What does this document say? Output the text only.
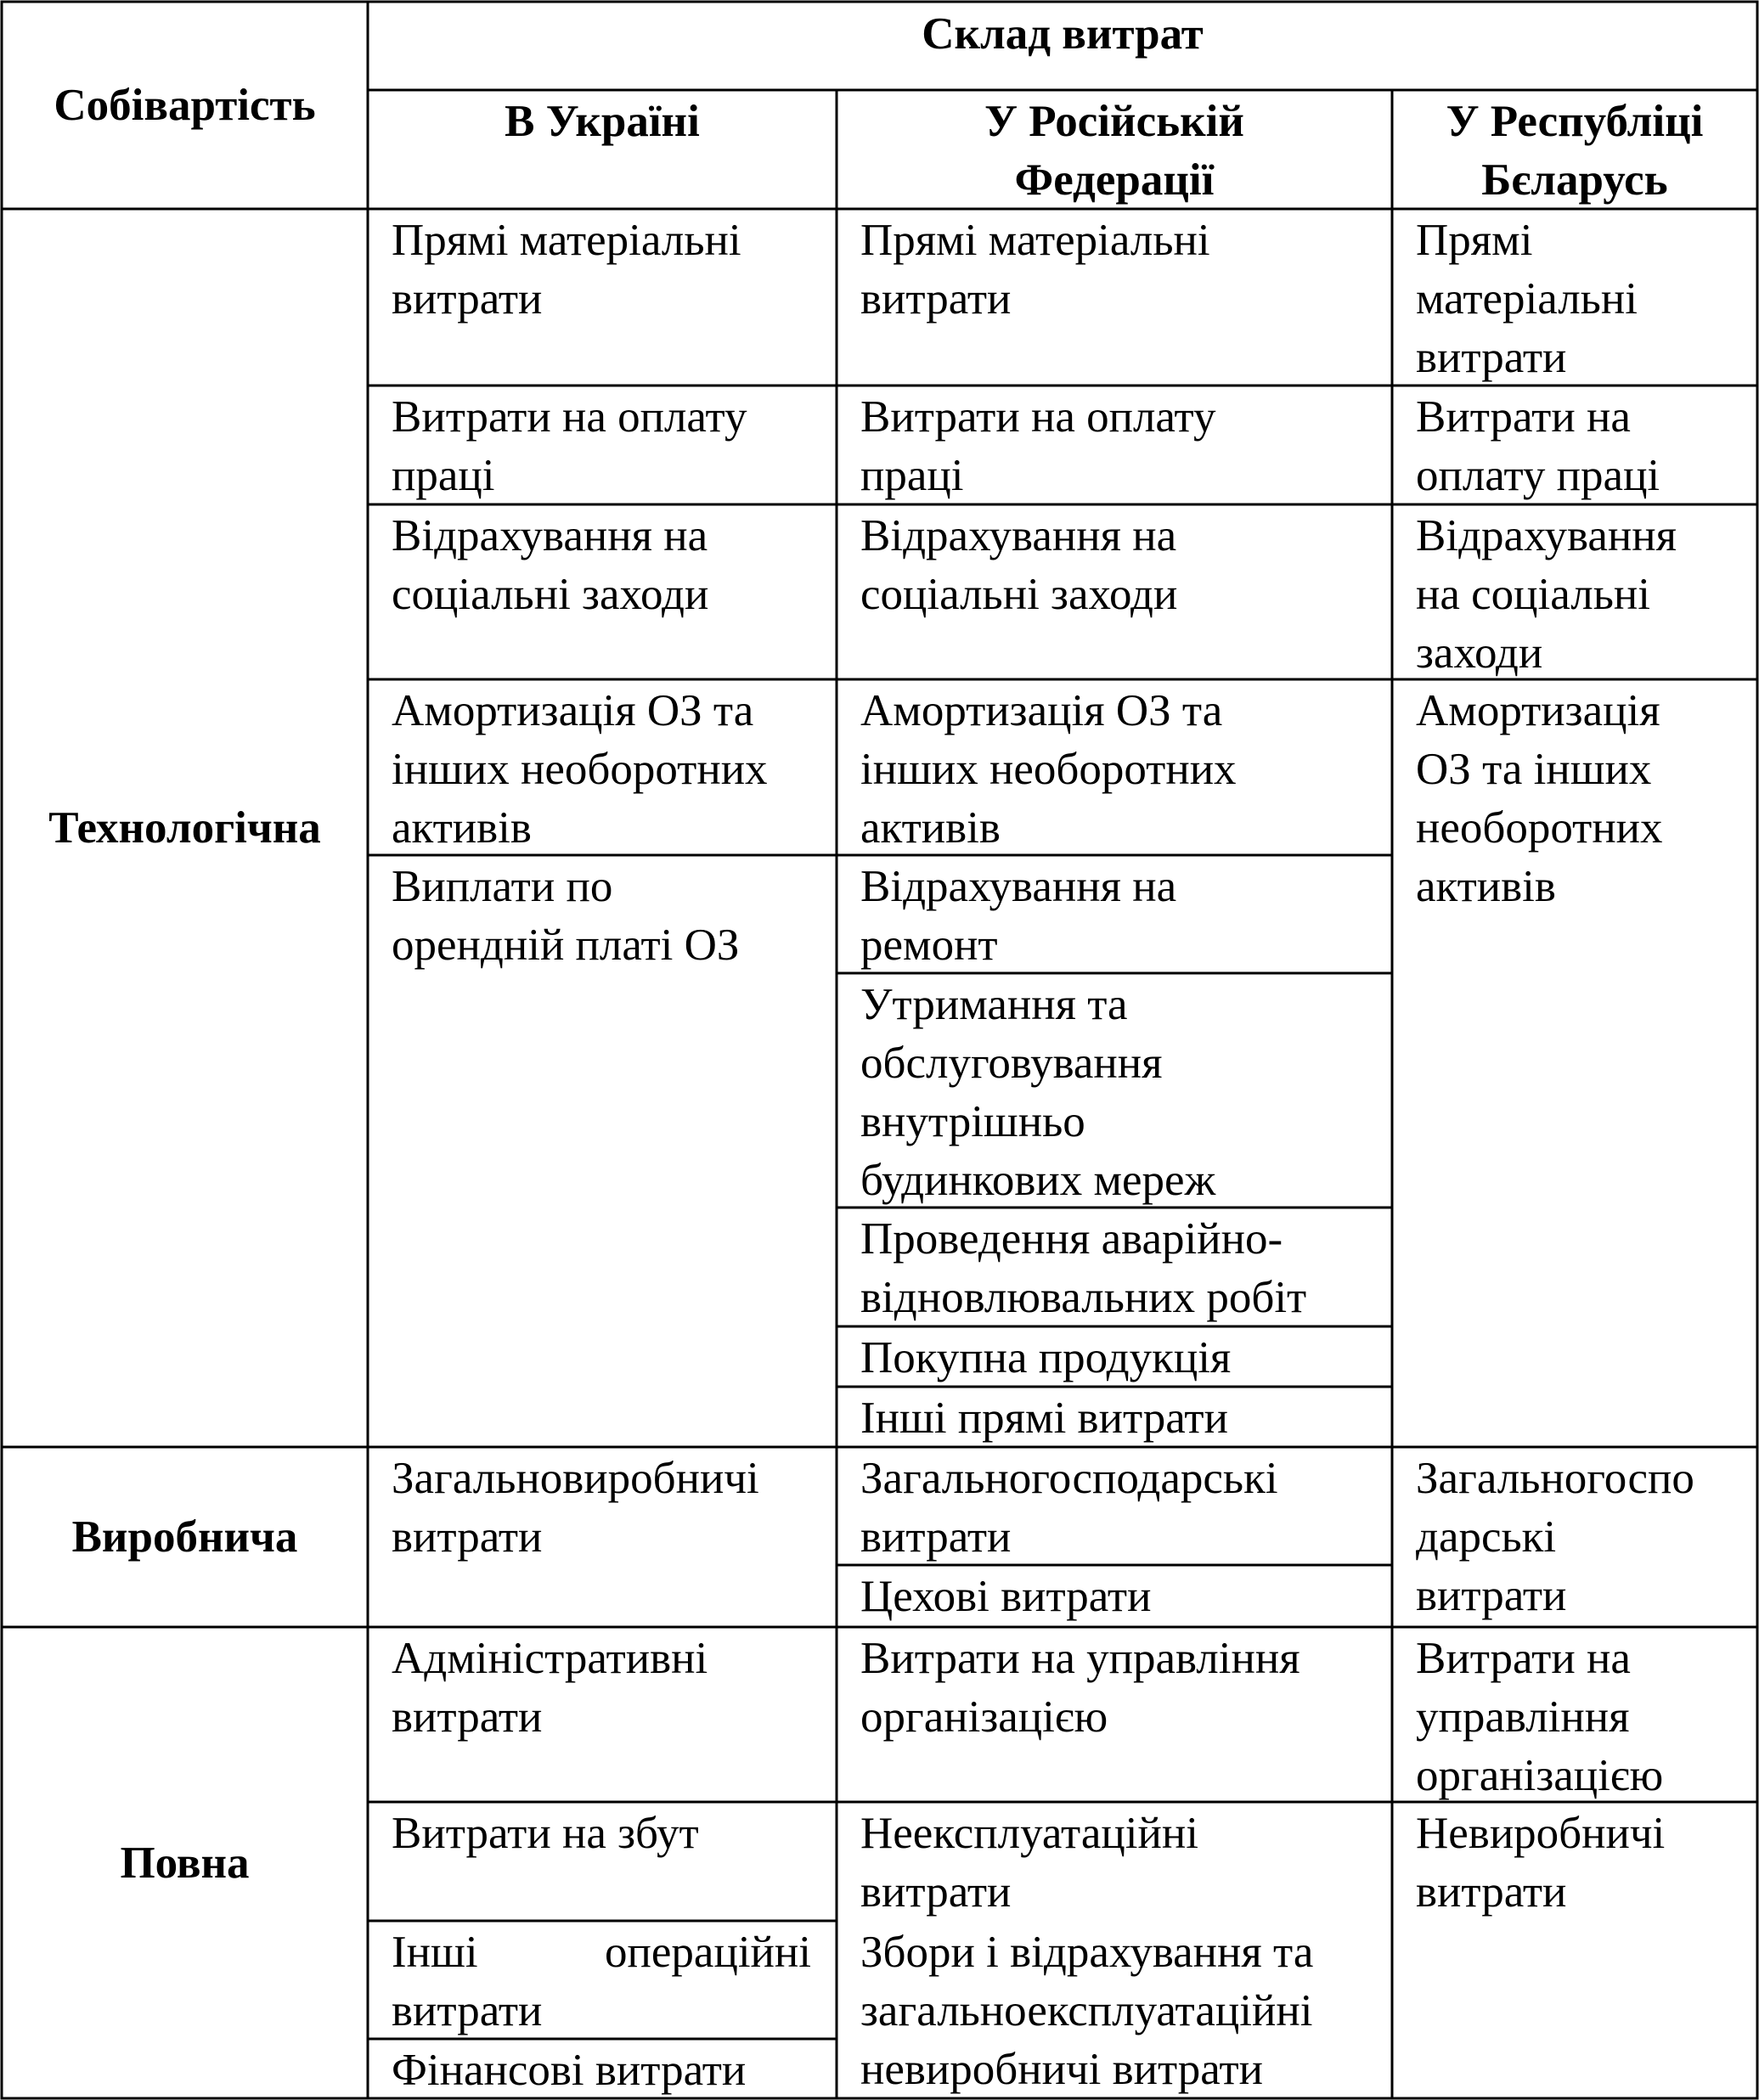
Собівартість
Склад витрат
В Україні	У Російській
Федерації
У Республіці
Бєларусь
Технологічна
Виробнича
Повна
Прямі матеріальні
витрати
Витрати на оплату
праці
Відрахування на
соціальні заходи
Амортизація ОЗ та
інших необоротних
активів
Виплати по
орендній платі ОЗ
Загальновиробничі
витрати
Адміністративні
витрати
Витрати на збут
Інші	операційні
витрати
Фінансові витрати
Прямі матеріальні
витрати
Витрати на оплату
праці
Відрахування на
соціальні заходи
Амортизація ОЗ та
інших необоротних
активів
Відрахування на
ремонт
Утримання та
обслуговування
внутрішньо
будинкових мереж
Проведення аварійно-
відновлювальних робіт
Покупна продукція
Інші прямі витрати
Загальногосподарські
витрати
Цехові витрати
Витрати на управління
організацією
Неексплуатаційні
витрати
Збори і відрахування та
загальноексплуатаційні
невиробничі витрати
Прямі
матеріальні
витрати
Витрати на
оплату праці
Відрахування
на соціальні
заходи
Амортизація
ОЗ та інших
необоротних
активів
Загальногоспо
дарські
витрати
Витрати на
управління
організацією
Невиробничі
витрати
